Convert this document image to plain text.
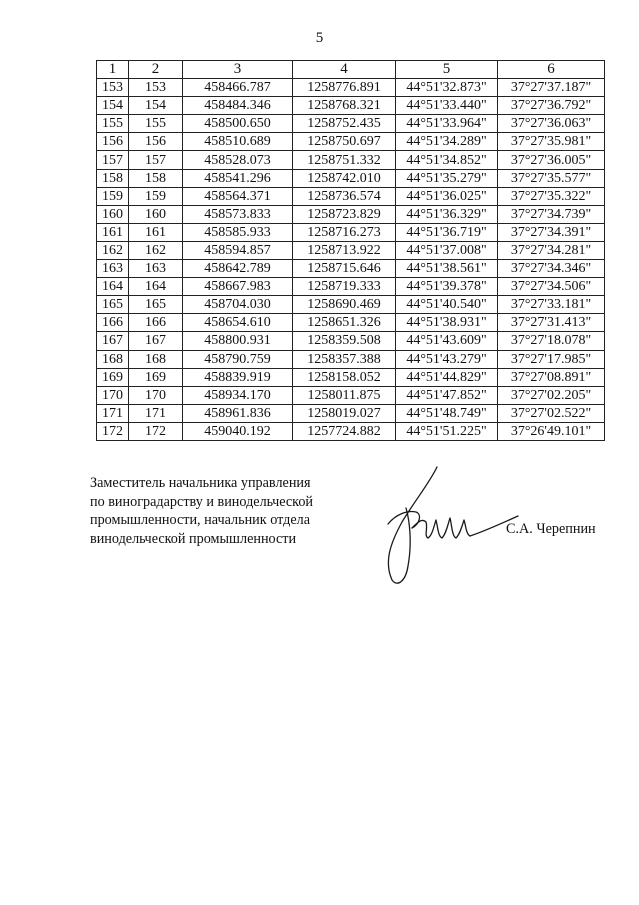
5
1	2	3	4	5	6
153	153	458466.787	1258776.891	44°51'32.873"	37°27'37.187"
154	154	458484.346	1258768.321	44°51'33.440"	37°27'36.792"
155	155	458500.650	1258752.435	44°51'33.964"	37°27'36.063"
156	156	458510.689	1258750.697	44°51'34.289"	37°27'35.981"
157	157	458528.073	1258751.332	44°51'34.852"	37°27'36.005"
158	158	458541.296	1258742.010	44°51'35.279"	37°27'35.577"
159	159	458564.371	1258736.574	44°51'36.025"	37°27'35.322"
160	160	458573.833	1258723.829	44°51'36.329"	37°27'34.739"
161	161	458585.933	1258716.273	44°51'36.719"	37°27'34.391"
162	162	458594.857	1258713.922	44°51'37.008"	37°27'34.281"
163	163	458642.789	1258715.646	44°51'38.561"	37°27'34.346"
164	164	458667.983	1258719.333	44°51'39.378"	37°27'34.506"
165	165	458704.030	1258690.469	44°51'40.540"	37°27'33.181"
166	166	458654.610	1258651.326	44°51'38.931"	37°27'31.413"
167	167	458800.931	1258359.508	44°51'43.609"	37°27'18.078"
168	168	458790.759	1258357.388	44°51'43.279"	37°27'17.985"
169	169	458839.919	1258158.052	44°51'44.829"	37°27'08.891"
170	170	458934.170	1258011.875	44°51'47.852"	37°27'02.205"
171	171	458961.836	1258019.027	44°51'48.749"	37°27'02.522"
172	172	459040.192	1257724.882	44°51'51.225"	37°26'49.101"
Заместитель начальника управления
по виноградарству и винодельческой
промышленности, начальник отдела
винодельческой промышленности
С.А. Черепнин
